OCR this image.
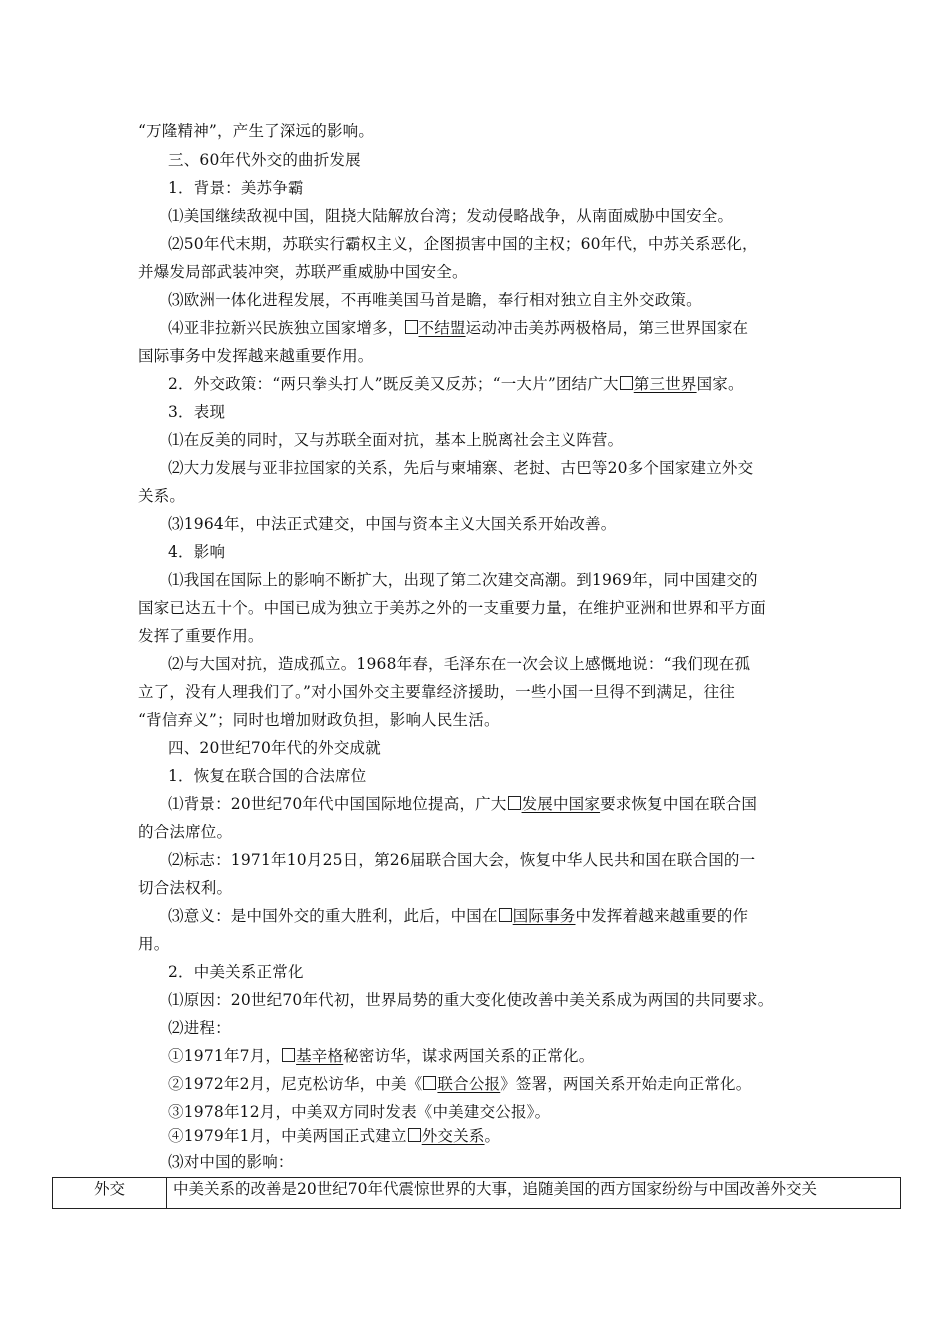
“万隆精神”，产生了深远的影响。
三、60年代外交的曲折发展
1．背景：美苏争霸
⑴美国继续敌视中国，阻挠大陆解放台湾；发动侵略战争，从南面威胁中国安全。
⑵50年代末期，苏联实行霸权主义，企图损害中国的主权；60年代，中苏关系恶化，
并爆发局部武装冲突，苏联严重威胁中国安全。
⑶欧洲一体化进程发展，不再唯美国马首是瞻，奉行相对独立自主外交政策。
⑷亚非拉新兴民族独立国家增多， 不结盟运动冲击美苏两极格局，第三世界国家在
国际事务中发挥越来越重要作用。
2．外交政策：“两只拳头打人”既反美又反苏；“一大片”团结广大 第三世界国家。
3．表现
⑴在反美的同时，又与苏联全面对抗，基本上脱离社会主义阵营。
⑵大力发展与亚非拉国家的关系，先后与柬埔寨、老挝、古巴等20多个国家建立外交
关系。
⑶1964年，中法正式建交，中国与资本主义大国关系开始改善。
4．影响
⑴我国在国际上的影响不断扩大，出现了第二次建交高潮。到1969年，同中国建交的
国家已达五十个。中国已成为独立于美苏之外的一支重要力量，在维护亚洲和世界和平方面
发挥了重要作用。
⑵与大国对抗，造成孤立。1968年春，毛泽东在一次会议上感慨地说：“我们现在孤
立了，没有人理我们了。”对小国外交主要靠经济援助，一些小国一旦得不到满足，往往
“背信弃义”；同时也增加财政负担，影响人民生活。
四、20世纪70年代的外交成就
1．恢复在联合国的合法席位
⑴背景：20世纪70年代中国国际地位提高，广大 发展中国家要求恢复中国在联合国
的合法席位。
⑵标志：1971年10月25日，第26届联合国大会，恢复中华人民共和国在联合国的一
切合法权利。
⑶意义：是中国外交的重大胜利，此后，中国在 国际事务中发挥着越来越重要的作
用。
2．中美关系正常化
⑴原因：20世纪70年代初，世界局势的重大变化使改善中美关系成为两国的共同要求。
⑵进程：
①1971年7月， 基辛格秘密访华，谋求两国关系的正常化。
②1972年2月，尼克松访华，中美《 联合公报》签署，两国关系开始走向正常化。
③1978年12月，中美双方同时发表《中美建交公报》。
④1979年1月，中美两国正式建立 外交关系。
⑶对中国的影响：
外交	中美关系的改善是20世纪70年代震惊世界的大事，追随美国的西方国家纷纷与中国改善外交关
